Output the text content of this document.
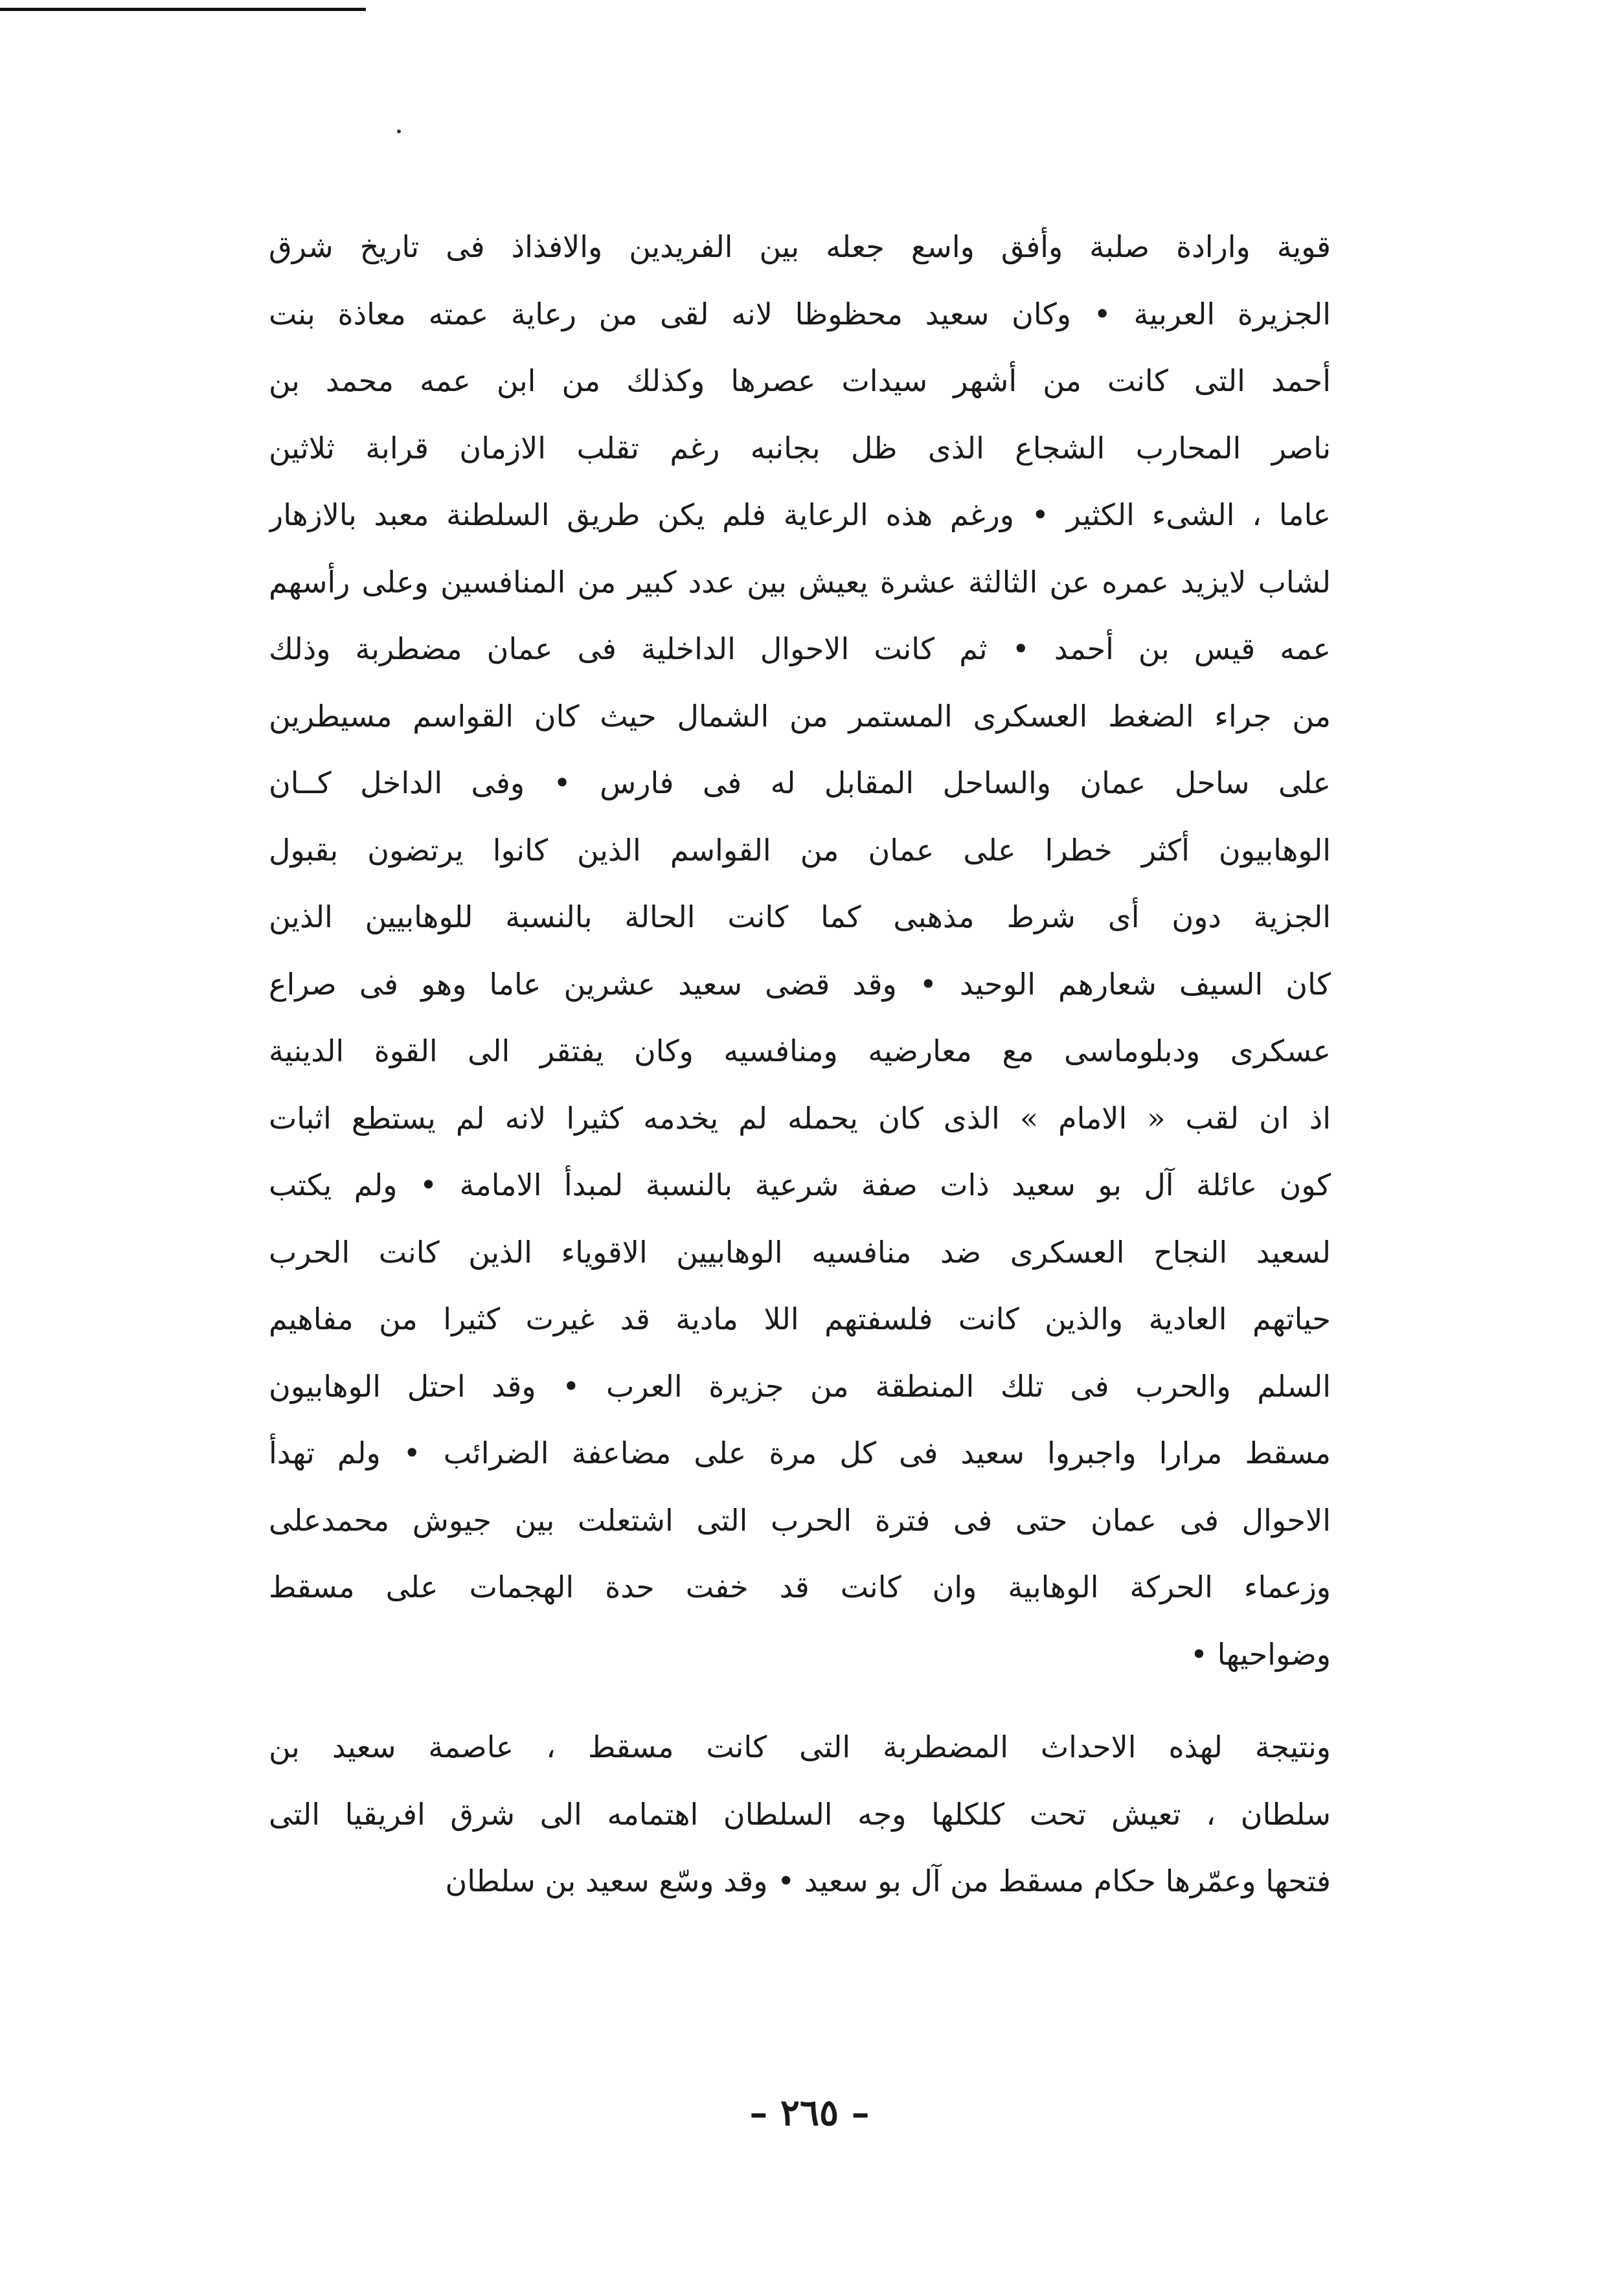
قوية وارادة صلبة وأفق واسع جعله بين الفريدين والافذاذ فى تاريخ شرق
الجزيرة العربية • وكان سعيد محظوظا لانه لقى من رعاية عمته معاذة بنت
أحمد التى كانت من أشهر سيدات عصرها وكذلك من ابن عمه محمد بن
ناصر المحارب الشجاع الذى ظل بجانبه رغم تقلب الازمان قرابة ثلاثين
عاما ، الشىء الكثير • ورغم هذه الرعاية فلم يكن طريق السلطنة معبد بالازهار
لشاب لايزيد عمره عن الثالثة عشرة يعيش بين عدد كبير من المنافسين وعلى رأسهم
عمه قيس بن أحمد • ثم كانت الاحوال الداخلية فى عمان مضطربة وذلك
من جراء الضغط العسكرى المستمر من الشمال حيث كان القواسم مسيطرين
على ساحل عمان والساحل المقابل له فى فارس • وفى الداخل كــان
الوهابيون أكثر خطرا على عمان من القواسم الذين كانوا يرتضون بقبول
الجزية دون أى شرط مذهبى كما كانت الحالة بالنسبة للوهابيين الذين
كان السيف شعارهم الوحيد • وقد قضى سعيد عشرين عاما وهو فى صراع
عسكرى ودبلوماسى مع معارضيه ومنافسيه وكان يفتقر الى القوة الدينية
اذ ان لقب « الامام » الذى كان يحمله لم يخدمه كثيرا لانه لم يستطع اثبات
كون عائلة آل بو سعيد ذات صفة شرعية بالنسبة لمبدأ الامامة • ولم يكتب
لسعيد النجاح العسكرى ضد منافسيه الوهابيين الاقوياء الذين كانت الحرب
حياتهم العادية والذين كانت فلسفتهم اللا مادية قد غيرت كثيرا من مفاهيم
السلم والحرب فى تلك المنطقة من جزيرة العرب • وقد احتل الوهابيون
مسقط مرارا واجبروا سعيد فى كل مرة على مضاعفة الضرائب • ولم تهدأ
الاحوال فى عمان حتى فى فترة الحرب التى اشتعلت بين جيوش محمدعلى
وزعماء الحركة الوهابية وان كانت قد خفت حدة الهجمات على مسقط
وضواحيها •
ونتيجة لهذه الاحداث المضطربة التى كانت مسقط ، عاصمة سعيد بن
سلطان ، تعيش تحت كلكلها وجه السلطان اهتمامه الى شرق افريقيا التى
فتحها وعمّرها حكام مسقط من آل بو سعيد • وقد وسّع سعيد بن سلطان
– ٢٦٥ –
